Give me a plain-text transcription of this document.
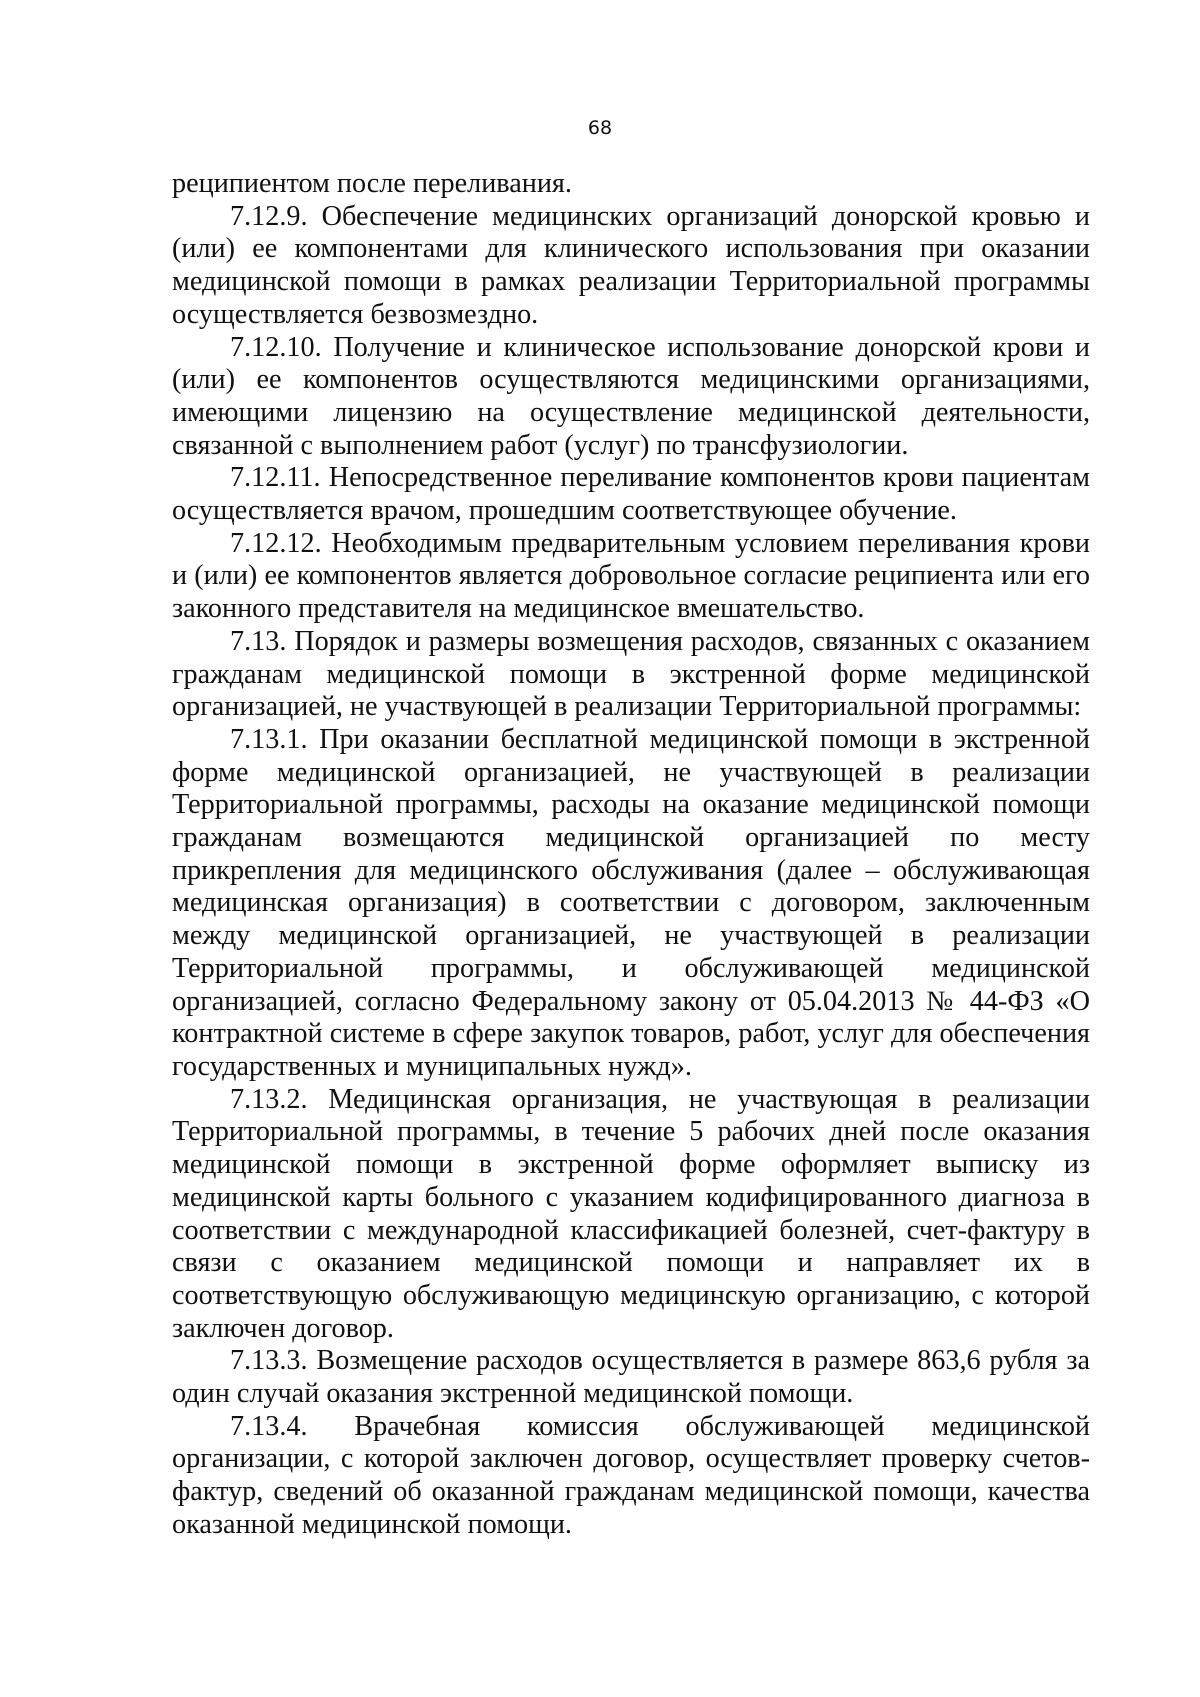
68

реципиентом после переливания.

7.12.9. Обеспечение медицинских организаций донорской кровью и (или) ее компонентами для клинического использования при оказании медицинской помощи в рамках реализации Территориальной программы осуществляется безвозмездно.

7.12.10. Получение и клиническое использование донорской крови и (или) ее компонентов осуществляются медицинскими организациями, имеющими лицензию на осуществление медицинской деятельности, связанной с выполнением работ (услуг) по трансфузиологии.

7.12.11. Непосредственное переливание компонентов крови пациентам осуществляется врачом, прошедшим соответствующее обучение.

7.12.12. Необходимым предварительным условием переливания крови и (или) ее компонентов является добровольное согласие реципиента или его законного представителя на медицинское вмешательство.

7.13. Порядок и размеры возмещения расходов, связанных с оказанием гражданам медицинской помощи в экстренной форме медицинской организацией, не участвующей в реализации Территориальной программы:

7.13.1. При оказании бесплатной медицинской помощи в экстренной форме медицинской организацией, не участвующей в реализации Территориальной программы, расходы на оказание медицинской помощи гражданам возмещаются медицинской организацией по месту прикрепления для медицинского обслуживания (далее – обслуживающая медицинская организация) в соответствии с договором, заключенным между медицинской организацией, не участвующей в реализации Территориальной программы, и обслуживающей медицинской организацией, согласно Федеральному закону от 05.04.2013 № 44-ФЗ «О контрактной системе в сфере закупок товаров, работ, услуг для обеспечения государственных и муниципальных нужд».

7.13.2. Медицинская организация, не участвующая в реализации Территориальной программы, в течение 5 рабочих дней после оказания медицинской помощи в экстренной форме оформляет выписку из медицинской карты больного с указанием кодифицированного диагноза в соответствии с международной классификацией болезней, счет-фактуру в связи с оказанием медицинской помощи и направляет их в соответствующую обслуживающую медицинскую организацию, с которой заключен договор.

7.13.3. Возмещение расходов осуществляется в размере 863,6 рубля за один случай оказания экстренной медицинской помощи.

7.13.4. Врачебная комиссия обслуживающей медицинской организации, с которой заключен договор, осуществляет проверку счетов-фактур, сведений об оказанной гражданам медицинской помощи, качества оказанной медицинской помощи.
